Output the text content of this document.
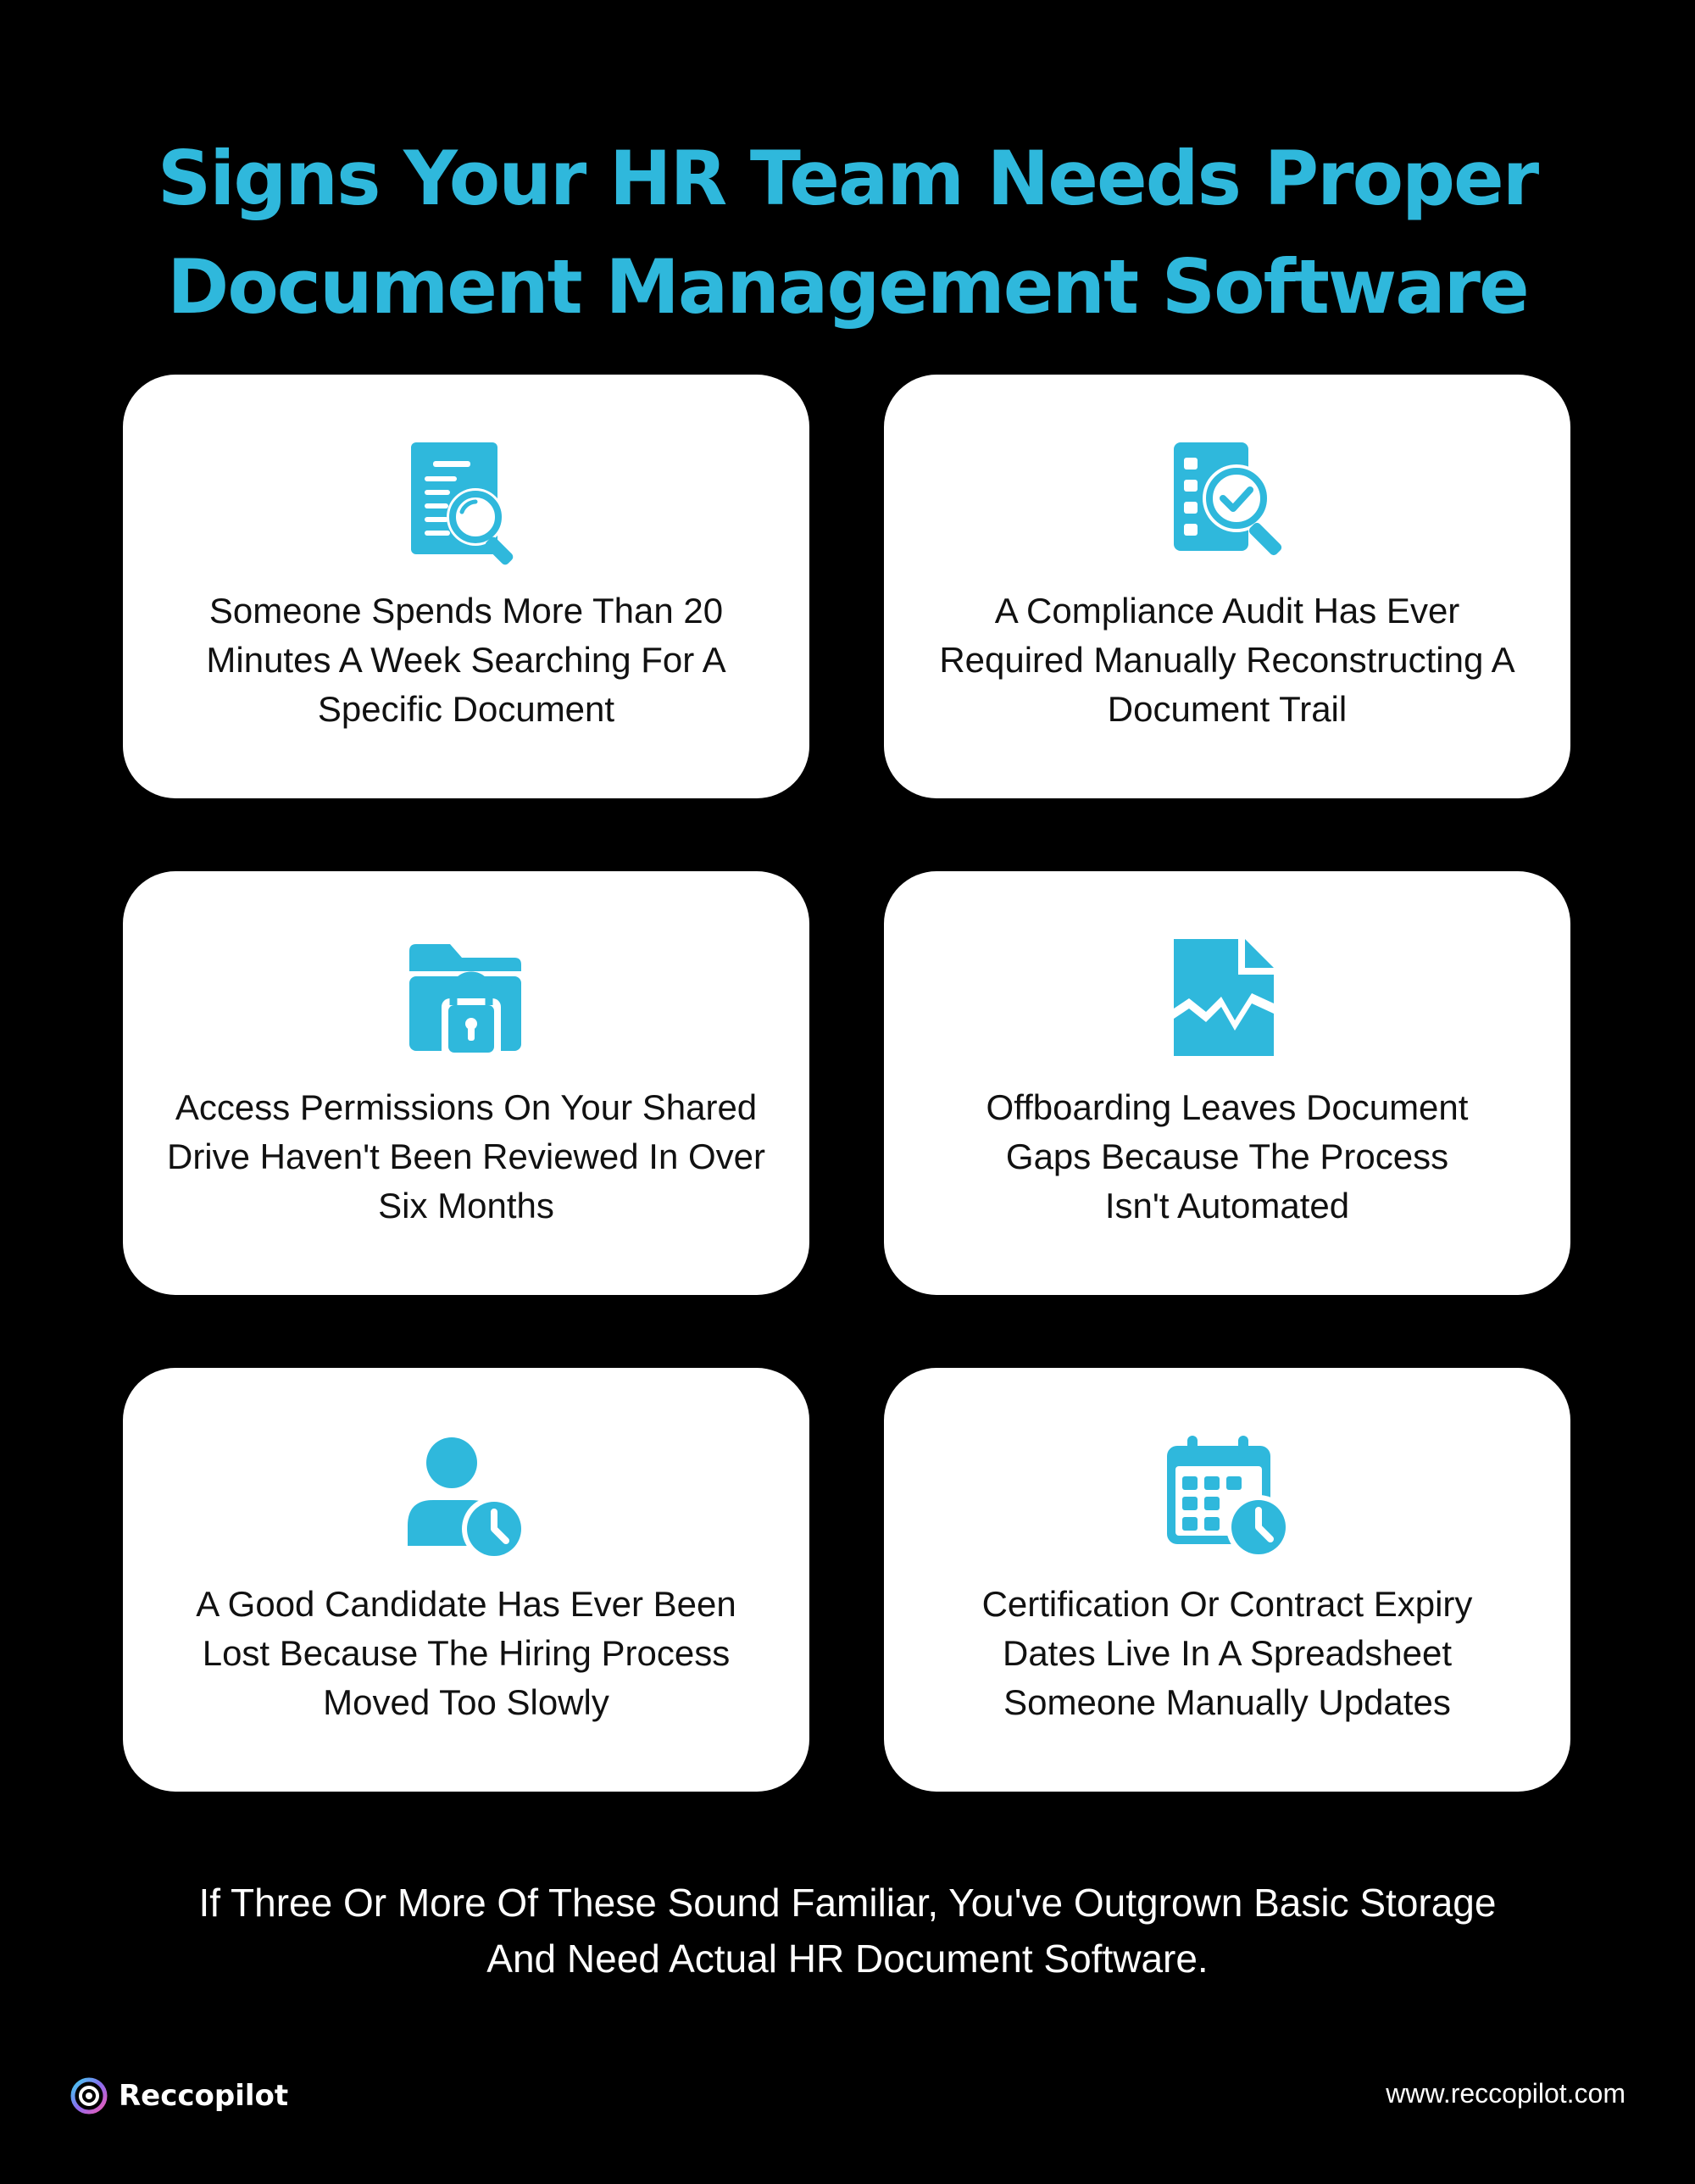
Signs Your HR Team Needs Proper
Document Management Software
Someone Spends More Than 20
Minutes A Week Searching For A
Specific Document
A Compliance Audit Has Ever
Required Manually Reconstructing A
Document Trail
Access Permissions On Your Shared
Drive Haven't Been Reviewed In Over
Six Months
Offboarding Leaves Document
Gaps Because The Process
Isn't Automated
A Good Candidate Has Ever Been
Lost Because The Hiring Process
Moved Too Slowly
Certification Or Contract Expiry
Dates Live In A Spreadsheet
Someone Manually Updates
If Three Or More Of These Sound Familiar, You've Outgrown Basic Storage
And Need Actual HR Document Software.
Reccopilot	www.reccopilot.com
